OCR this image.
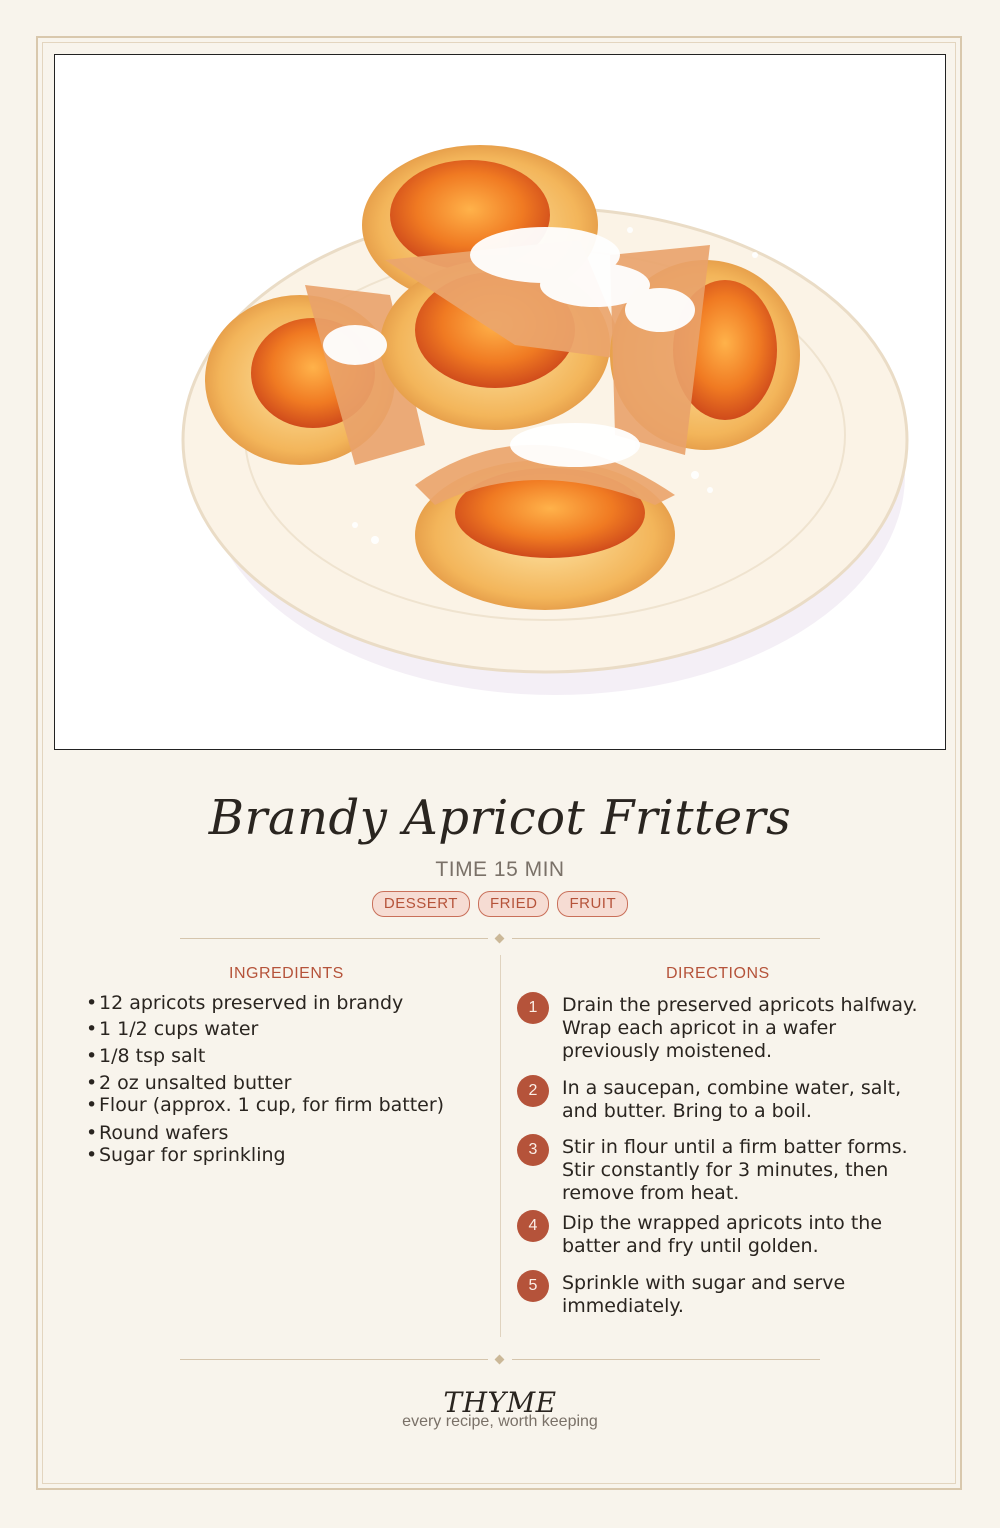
Brandy Apricot Fritters
TIME 15 MIN
DESSERT	FRIED	FRUIT
INGREDIENTS	DIRECTIONS
• 12 apricots preserved in brandy
• 1 1/2 cups water
• 1/8 tsp salt
• 2 oz unsalted butter
• Flour (approx. 1 cup, for firm batter)
• Round wafers
• Sugar for sprinkling
1	Drain the preserved apricots halfway. Wrap each apricot in a wafer previously moistened.
2	In a saucepan, combine water, salt, and butter. Bring to a boil.
3	Stir in flour until a firm batter forms. Stir constantly for 3 minutes, then remove from heat.
4	Dip the wrapped apricots into the batter and fry until golden.
5	Sprinkle with sugar and serve immediately.
THYME
every recipe, worth keeping
